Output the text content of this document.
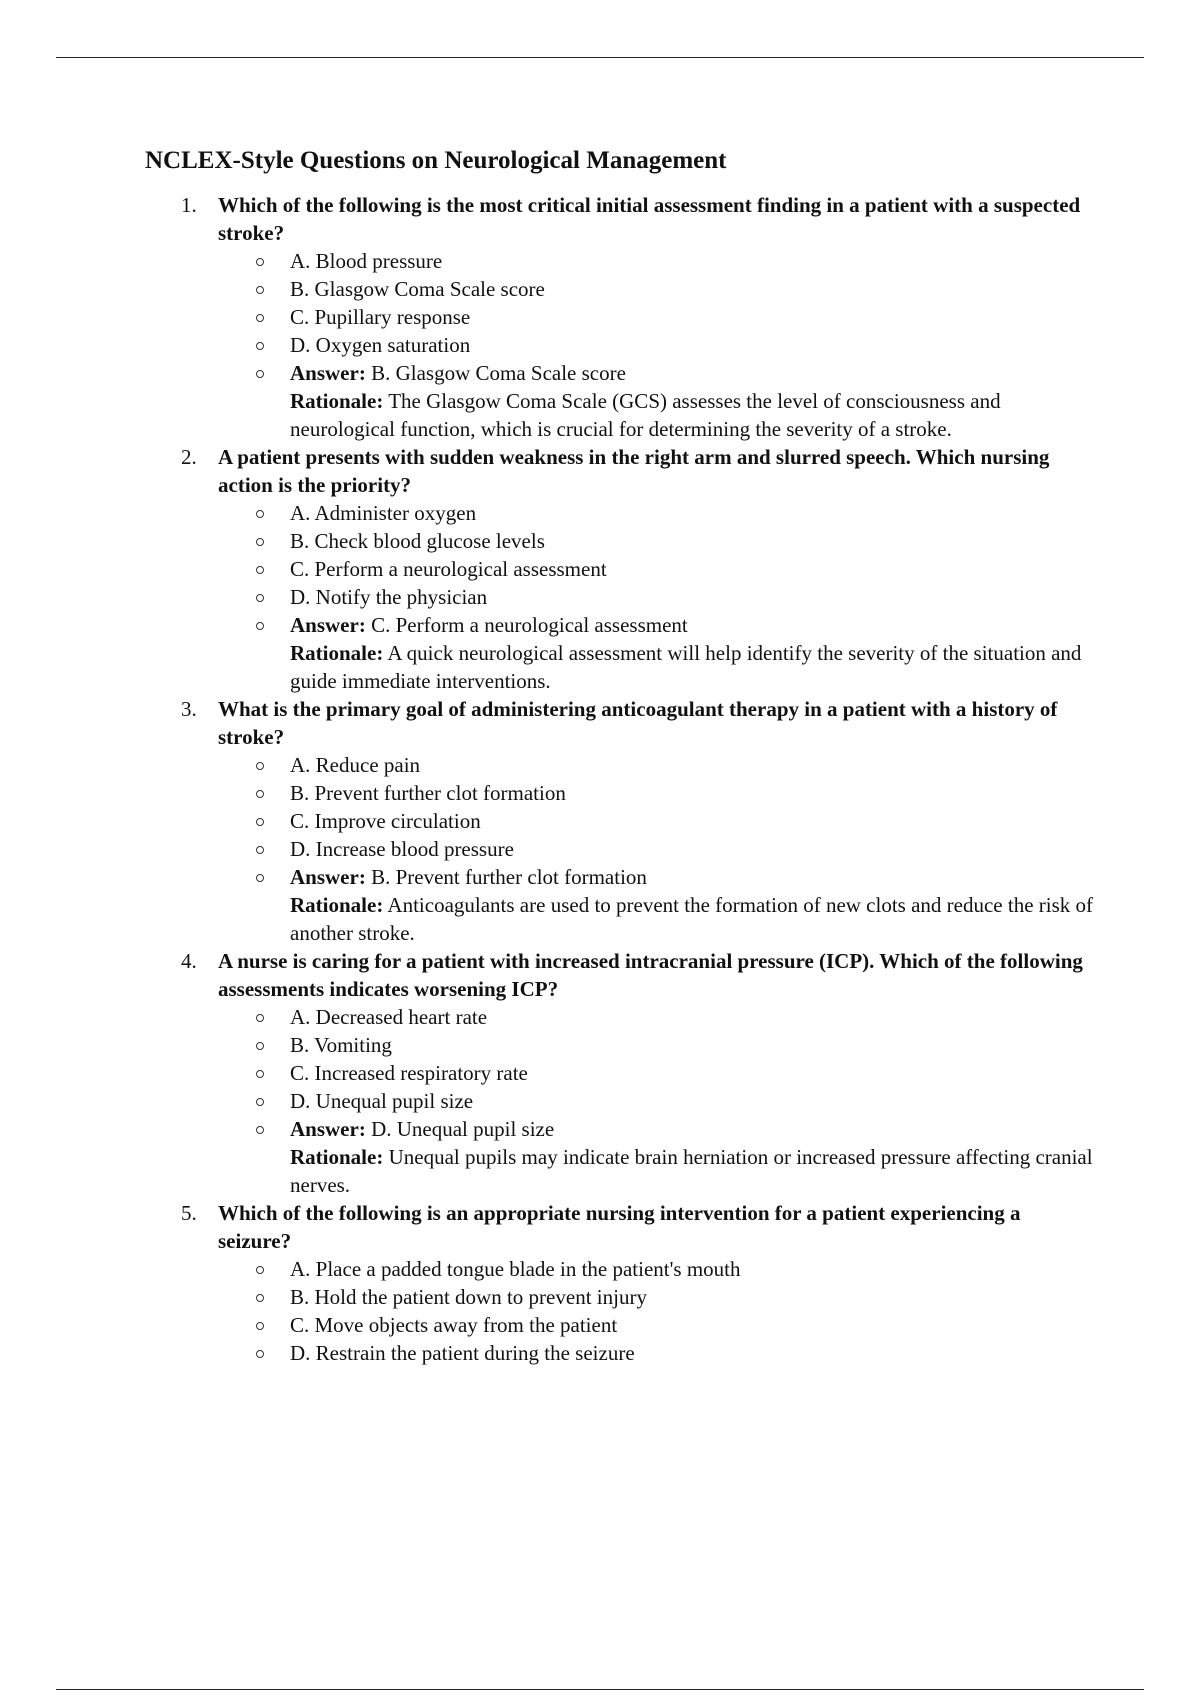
NCLEX-Style Questions on Neurological Management
1. Which of the following is the most critical initial assessment finding in a patient with a suspected stroke?
A. Blood pressure
B. Glasgow Coma Scale score
C. Pupillary response
D. Oxygen saturation
Answer: B. Glasgow Coma Scale score
Rationale: The Glasgow Coma Scale (GCS) assesses the level of consciousness and neurological function, which is crucial for determining the severity of a stroke.
2. A patient presents with sudden weakness in the right arm and slurred speech. Which nursing action is the priority?
A. Administer oxygen
B. Check blood glucose levels
C. Perform a neurological assessment
D. Notify the physician
Answer: C. Perform a neurological assessment
Rationale: A quick neurological assessment will help identify the severity of the situation and guide immediate interventions.
3. What is the primary goal of administering anticoagulant therapy in a patient with a history of stroke?
A. Reduce pain
B. Prevent further clot formation
C. Improve circulation
D. Increase blood pressure
Answer: B. Prevent further clot formation
Rationale: Anticoagulants are used to prevent the formation of new clots and reduce the risk of another stroke.
4. A nurse is caring for a patient with increased intracranial pressure (ICP). Which of the following assessments indicates worsening ICP?
A. Decreased heart rate
B. Vomiting
C. Increased respiratory rate
D. Unequal pupil size
Answer: D. Unequal pupil size
Rationale: Unequal pupils may indicate brain herniation or increased pressure affecting cranial nerves.
5. Which of the following is an appropriate nursing intervention for a patient experiencing a seizure?
A. Place a padded tongue blade in the patient's mouth
B. Hold the patient down to prevent injury
C. Move objects away from the patient
D. Restrain the patient during the seizure
